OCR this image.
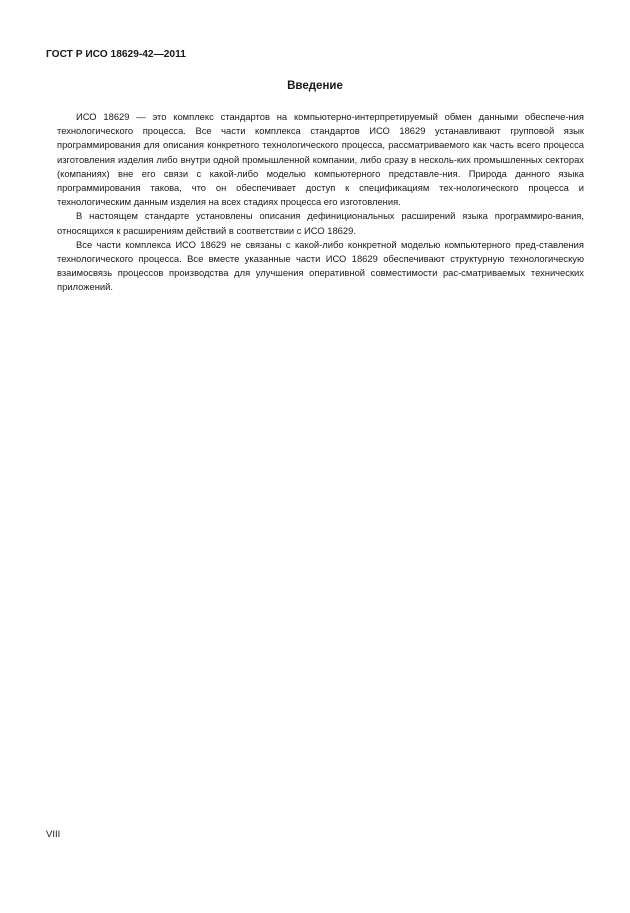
ГОСТ Р ИСО 18629-42—2011

Введение

ИСО 18629 — это комплекс стандартов на компьютерно-интерпретируемый обмен данными обеспече-ния технологического процесса. Все части комплекса стандартов ИСО 18629 устанавливают групповой язык программирования для описания конкретного технологического процесса, рассматриваемого как часть всего процесса изготовления изделия либо внутри одной промышленной компании, либо сразу в несколь-ких промышленных секторах (компаниях) вне его связи с какой-либо моделью компьютерного представле-ния. Природа данного языка программирования такова, что он обеспечивает доступ к спецификациям тех-нологического процесса и технологическим данным изделия на всех стадиях процесса его изготовления.

В настоящем стандарте установлены описания дефинициональных расширений языка программиро-вания, относящихся к расширениям действий в соответствии с ИСО 18629.

Все части комплекса ИСО 18629 не связаны с какой-либо конкретной моделью компьютерного пред-ставления технологического процесса. Все вместе указанные части ИСО 18629 обеспечивают структурную технологическую взаимосвязь процессов производства для улучшения оперативной совместимости рас-сматриваемых технических приложений.

VIII
